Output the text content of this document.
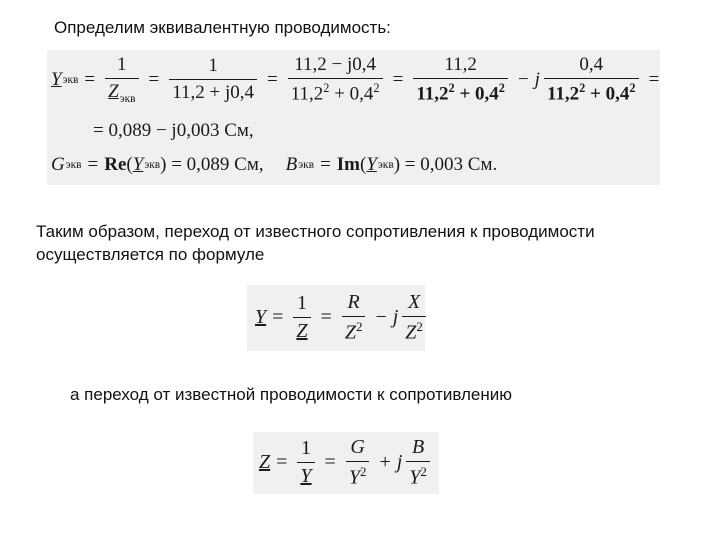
Определим эквивалентную проводимость:
Y экв = $\frac{1}{Z_{экв}} = \frac{1}{11,2 + j0,4} = \frac{11,2 - j0,4}{11,2^2 + 0,4^2} = \frac{11,2}{11,2^2 + 0,4^2} - j \frac{0,4}{11,2^2 + 0,4^2}$ =
= 0,089 − j0,003 См,
G экв = Re ( Y экв ) = 0,089 См, B экв = Im ( Y экв ) = 0,003 См.
Таким образом, переход от известного сопротивления к проводимости
осуществляется по формуле
$Y = \frac{1}{Z} = \frac{R}{Z^2} - j \frac{X}{Z^2}$
а переход от известной проводимости к сопротивлению
$Z = \frac{1}{Y} = \frac{G}{Y^2} + j \frac{B}{Y^2}$
